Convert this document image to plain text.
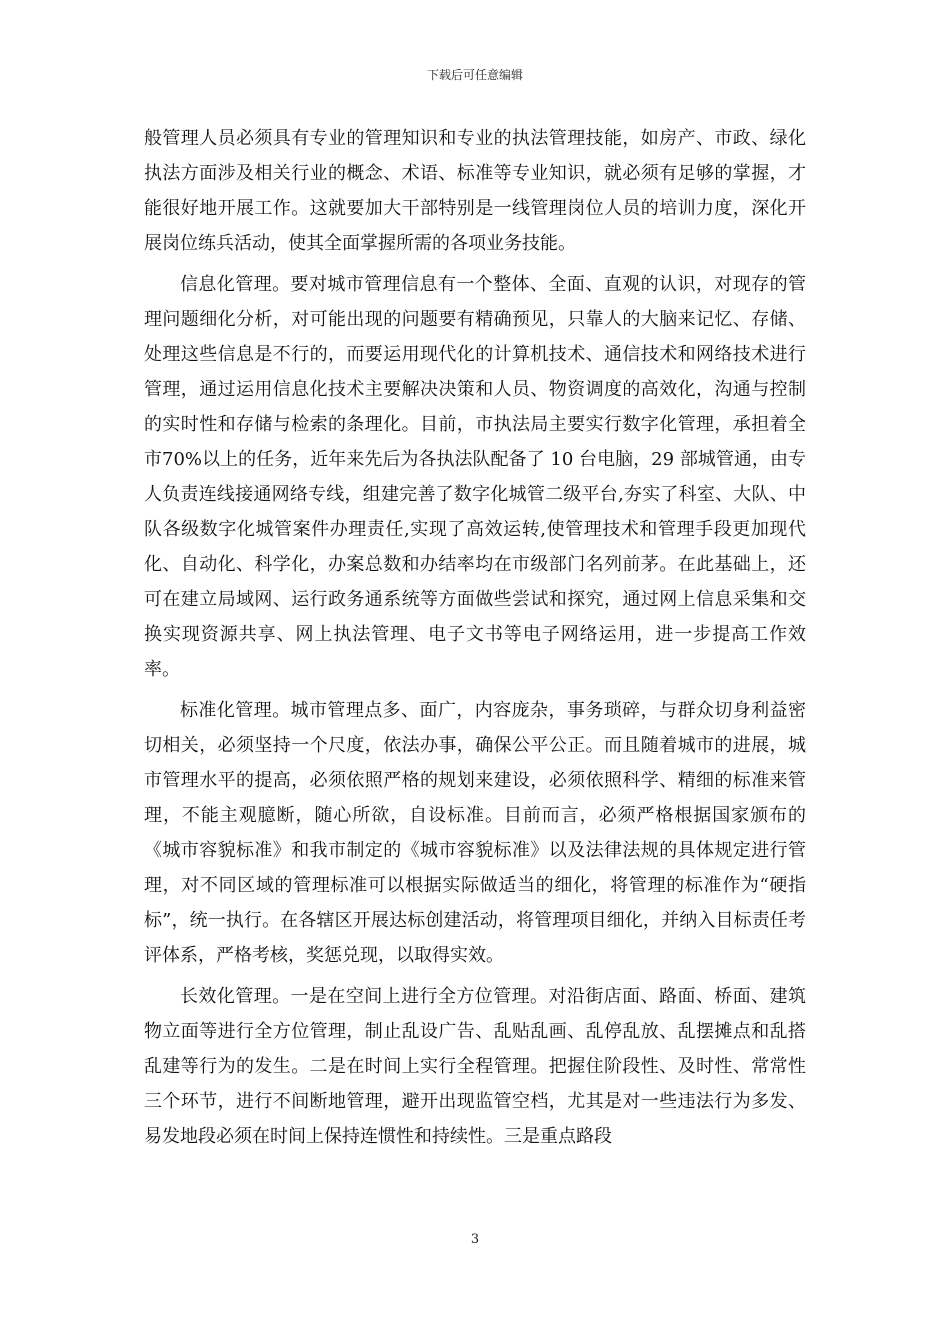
下载后可任意编辑

般管理人员必须具有专业的管理知识和专业的执法管理技能，如房产、市政、绿化执法方面涉及相关行业的概念、术语、标准等专业知识，就必须有足够的掌握，才能很好地开展工作。这就要加大干部特别是一线管理岗位人员的培训力度，深化开展岗位练兵活动，使其全面掌握所需的各项业务技能。

信息化管理。要对城市管理信息有一个整体、全面、直观的认识，对现存的管理问题细化分析，对可能出现的问题要有精确预见，只靠人的大脑来记忆、存储、处理这些信息是不行的，而要运用现代化的计算机技术、通信技术和网络技术进行管理，通过运用信息化技术主要解决决策和人员、物资调度的高效化，沟通与控制的实时性和存储与检索的条理化。目前，市执法局主要实行数字化管理，承担着全市70%以上的任务，近年来先后为各执法队配备了 10 台电脑，29 部城管通，由专人负责连线接通网络专线，组建完善了数字化城管二级平台,夯实了科室、大队、中队各级数字化城管案件办理责任,实现了高效运转,使管理技术和管理手段更加现代化、自动化、科学化，办案总数和办结率均在市级部门名列前茅。在此基础上，还可在建立局域网、运行政务通系统等方面做些尝试和探究，通过网上信息采集和交换实现资源共享、网上执法管理、电子文书等电子网络运用，进一步提高工作效率。

标准化管理。城市管理点多、面广，内容庞杂，事务琐碎，与群众切身利益密切相关，必须坚持一个尺度，依法办事，确保公平公正。而且随着城市的进展，城市管理水平的提高，必须依照严格的规划来建设，必须依照科学、精细的标准来管理，不能主观臆断，随心所欲，自设标准。目前而言，必须严格根据国家颁布的《城市容貌标准》和我市制定的《城市容貌标准》以及法律法规的具体规定进行管理，对不同区域的管理标准可以根据实际做适当的细化，将管理的标准作为“硬指标”，统一执行。在各辖区开展达标创建活动，将管理项目细化，并纳入目标责任考评体系，严格考核，奖惩兑现，以取得实效。

长效化管理。一是在空间上进行全方位管理。对沿街店面、路面、桥面、建筑物立面等进行全方位管理，制止乱设广告、乱贴乱画、乱停乱放、乱摆摊点和乱搭乱建等行为的发生。二是在时间上实行全程管理。把握住阶段性、及时性、常常性三个环节，进行不间断地管理，避开出现监管空档，尤其是对一些违法行为多发、易发地段必须在时间上保持连惯性和持续性。三是重点路段

3
